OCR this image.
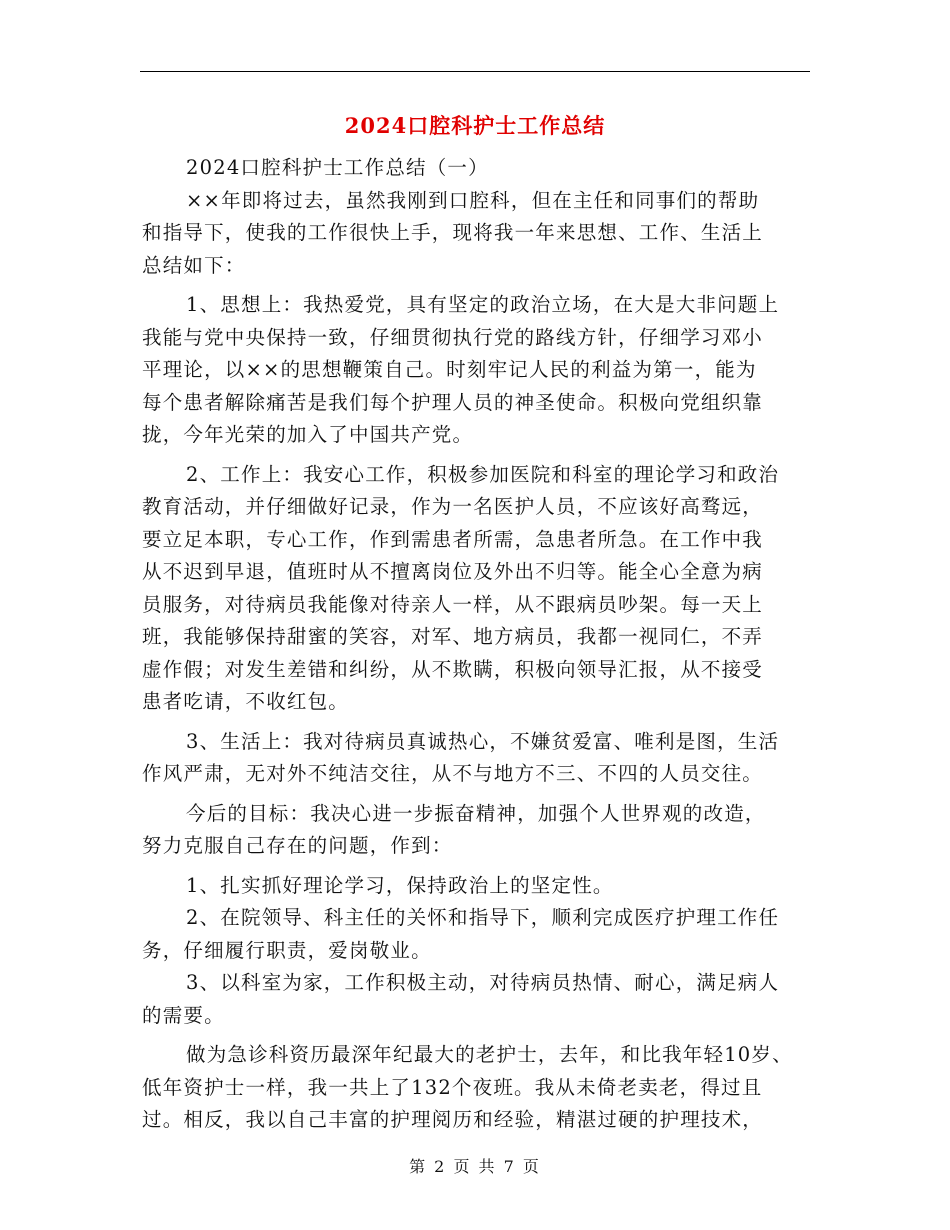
2024口腔科护士工作总结
2024口腔科护士工作总结（一）
××年即将过去，虽然我刚到口腔科，但在主任和同事们的帮助
和指导下，使我的工作很快上手，现将我一年来思想、工作、生活上
总结如下：
1、思想上：我热爱党，具有坚定的政治立场，在大是大非问题上
我能与党中央保持一致，仔细贯彻执行党的路线方针，仔细学习邓小
平理论，以××的思想鞭策自己。时刻牢记人民的利益为第一，能为
每个患者解除痛苦是我们每个护理人员的神圣使命。积极向党组织靠
拢，今年光荣的加入了中国共产党。
2、工作上：我安心工作，积极参加医院和科室的理论学习和政治
教育活动，并仔细做好记录，作为一名医护人员，不应该好高骛远，
要立足本职，专心工作，作到需患者所需，急患者所急。在工作中我
从不迟到早退，值班时从不擅离岗位及外出不归等。能全心全意为病
员服务，对待病员我能像对待亲人一样，从不跟病员吵架。每一天上
班，我能够保持甜蜜的笑容，对军、地方病员，我都一视同仁，不弄
虚作假；对发生差错和纠纷，从不欺瞒，积极向领导汇报，从不接受
患者吃请，不收红包。
3、生活上：我对待病员真诚热心，不嫌贫爱富、唯利是图，生活
作风严肃，无对外不纯洁交往，从不与地方不三、不四的人员交往。
今后的目标：我决心进一步振奋精神，加强个人世界观的改造，
努力克服自己存在的问题，作到：
1、扎实抓好理论学习，保持政治上的坚定性。
2、在院领导、科主任的关怀和指导下，顺利完成医疗护理工作任
务，仔细履行职责，爱岗敬业。
3、以科室为家，工作积极主动，对待病员热情、耐心，满足病人
的需要。
做为急诊科资历最深年纪最大的老护士，去年，和比我年轻10岁、
低年资护士一样，我一共上了132个夜班。我从未倚老卖老，得过且
过。相反，我以自己丰富的护理阅历和经验，精湛过硬的护理技术，
第 2 页 共 7 页
